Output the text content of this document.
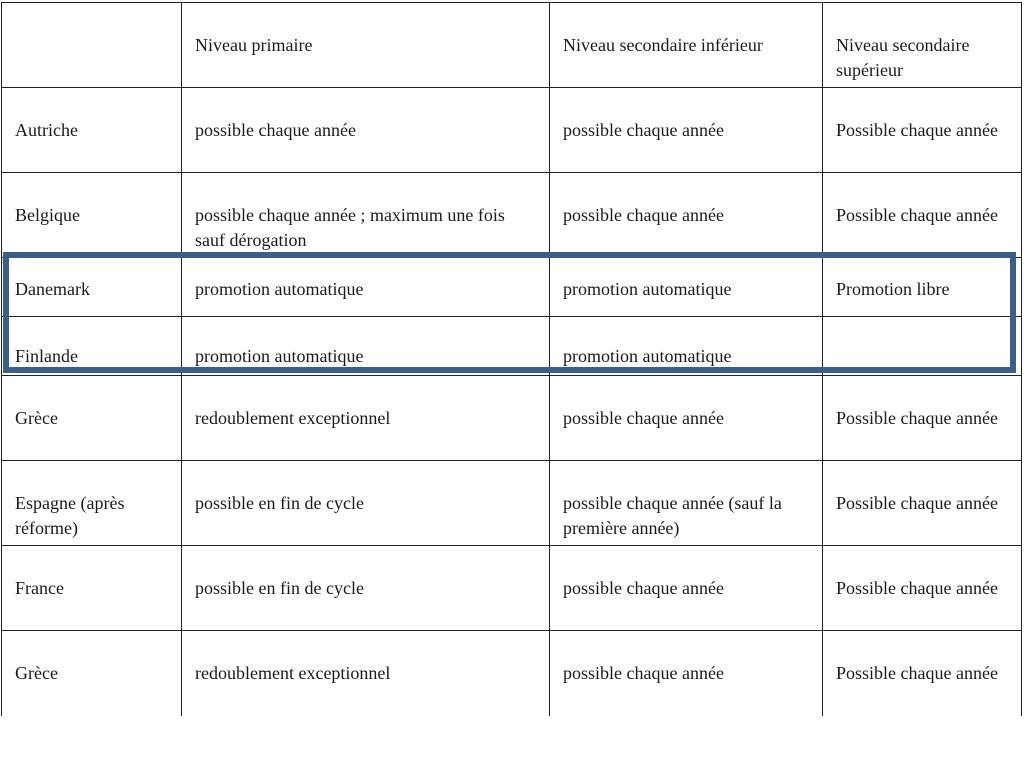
	Niveau primaire	Niveau secondaire inférieur	Niveau secondaire supérieur

Autriche	possible chaque année	possible chaque année	Possible chaque année

Belgique	possible chaque année ; maximum une fois sauf dérogation	possible chaque année	Possible chaque année

Danemark	promotion automatique	promotion automatique	Promotion libre

Finlande	promotion automatique	promotion automatique	

Grèce	redoublement exceptionnel	possible chaque année	Possible chaque année

Espagne (après réforme)	possible en fin de cycle	possible chaque année (sauf la première année)	Possible chaque année

France	possible en fin de cycle	possible chaque année	Possible chaque année

Grèce	redoublement exceptionnel	possible chaque année	Possible chaque année
